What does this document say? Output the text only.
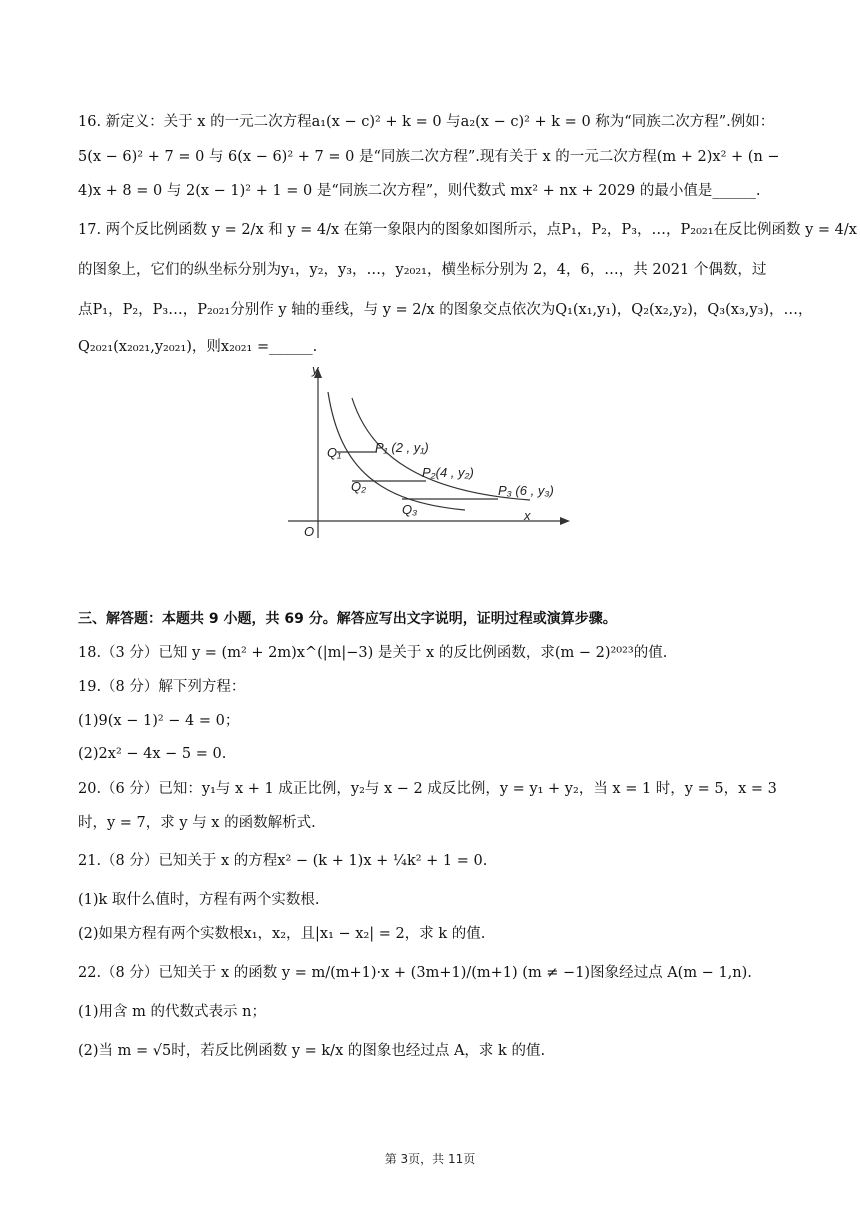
16. 新定义：关于 x 的一元二次方程a₁(x − c)² + k = 0 与a₂(x − c)² + k = 0 称为“同族二次方程”.例如：
5(x − 6)² + 7 = 0 与 6(x − 6)² + 7 = 0 是“同族二次方程”.现有关于 x 的一元二次方程(m + 2)x² + (n −
4)x + 8 = 0 与 2(x − 1)² + 1 = 0 是“同族二次方程”，则代数式 mx² + nx + 2029 的最小值是______.
17. 两个反比例函数 y = 2/x 和 y = 4/x 在第一象限内的图象如图所示，点P₁，P₂，P₃，…，P₂₀₂₁在反比例函数 y = 4/x
的图象上，它们的纵坐标分别为y₁，y₂，y₃，…，y₂₀₂₁，横坐标分别为 2，4，6，…，共 2021 个偶数，过
点P₁，P₂，P₃…，P₂₀₂₁分别作 y 轴的垂线，与 y = 2/x 的图象交点依次为Q₁(x₁,y₁)，Q₂(x₂,y₂)，Q₃(x₃,y₃)，…，
Q₂₀₂₁(x₂₀₂₁,y₂₀₂₁)，则x₂₀₂₁ =______.
x
y
O
Q₁
Q₂
Q₃
P₁ (2 , y₁)
P₂(4 , y₂)
P₃ (6 , y₃)
三、解答题：本题共 9 小题，共 69 分。解答应写出文字说明，证明过程或演算步骤。
18.（3 分）已知 y = (m² + 2m)x^(|m|−3) 是关于 x 的反比例函数，求(m − 2)²⁰²³的值.
19.（8 分）解下列方程：
(1)9(x − 1)² − 4 = 0；
(2)2x² − 4x − 5 = 0.
20.（6 分）已知：y₁与 x + 1 成正比例，y₂与 x − 2 成反比例，y = y₁ + y₂，当 x = 1 时，y = 5，x = 3
时，y = 7，求 y 与 x 的函数解析式.
21.（8 分）已知关于 x 的方程x² − (k + 1)x + ¼k² + 1 = 0.
(1)k 取什么值时，方程有两个实数根.
(2)如果方程有两个实数根x₁，x₂，且|x₁ − x₂| = 2，求 k 的值.
22.（8 分）已知关于 x 的函数 y = m/(m+1)·x + (3m+1)/(m+1) (m ≠ −1)图象经过点 A(m − 1,n).
(1)用含 m 的代数式表示 n；
(2)当 m = √5时，若反比例函数 y = k/x 的图象也经过点 A，求 k 的值.
第 3页，共 11页
